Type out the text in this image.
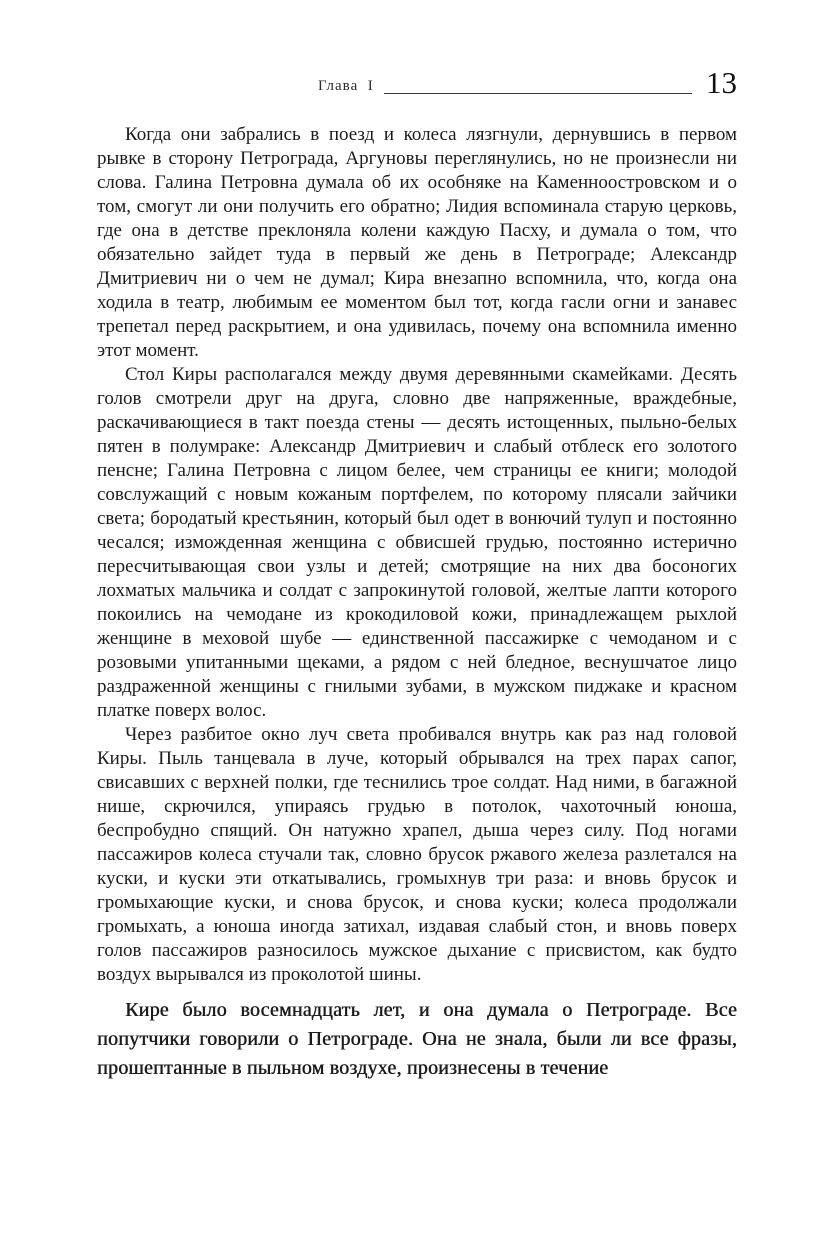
Глава  I	13

Когда они забрались в поезд и колеса лязгнули, дернувшись в первом рывке в сторону Петрограда, Аргуновы переглянулись, но не произнесли ни слова. Галина Петровна думала об их особняке на Каменноостровском и о том, смогут ли они получить его обратно; Лидия вспоминала старую церковь, где она в детстве преклоняла колени каждую Пасху, и думала о том, что обязательно зайдет туда в первый же день в Петрограде; Александр Дмитриевич ни о чем не думал; Кира внезапно вспомнила, что, когда она ходила в театр, любимым ее моментом был тот, когда гасли огни и занавес трепетал перед раскрытием, и она удивилась, почему она вспомнила именно этот момент.

Стол Киры располагался между двумя деревянными скамейками. Десять голов смотрели друг на друга, словно две напряженные, враждебные, раскачивающиеся в такт поезда стены — десять истощенных, пыльно-белых пятен в полумраке: Александр Дмитриевич и слабый отблеск его золотого пенсне; Галина Петровна с лицом белее, чем страницы ее книги; молодой совслужащий с новым кожаным портфелем, по которому плясали зайчики света; бородатый крестьянин, который был одет в вонючий тулуп и постоянно чесался; изможденная женщина с обвисшей грудью, постоянно истерично пересчитывающая свои узлы и детей; смотрящие на них два босоногих лохматых мальчика и солдат с запрокинутой головой, желтые лапти которого покоились на чемодане из крокодиловой кожи, принадлежащем рыхлой женщине в меховой шубе — единственной пассажирке с чемоданом и с розовыми упитанными щеками, а рядом с ней бледное, веснушчатое лицо раздраженной женщины с гнилыми зубами, в мужском пиджаке и красном платке поверх волос.

Через разбитое окно луч света пробивался внутрь как раз над головой Киры. Пыль танцевала в луче, который обрывался на трех парах сапог, свисавших с верхней полки, где теснились трое солдат. Над ними, в багажной нише, скрючился, упираясь грудью в потолок, чахоточный юноша, беспробудно спящий. Он натужно храпел, дыша через силу. Под ногами пассажиров колеса стучали так, словно брусок ржавого железа разлетался на куски, и куски эти откатывались, громыхнув три раза: и вновь брусок и громыхающие куски, и снова брусок, и снова куски; колеса продолжали громыхать, а юноша иногда затихал, издавая слабый стон, и вновь поверх голов пассажиров разносилось мужское дыхание с присвистом, как будто воздух вырывался из проколотой шины.

Кире было восемнадцать лет, и она думала о Петрограде. Все попутчики говорили о Петрограде. Она не знала, были ли все фразы, прошептанные в пыльном воздухе, произнесены в течение
